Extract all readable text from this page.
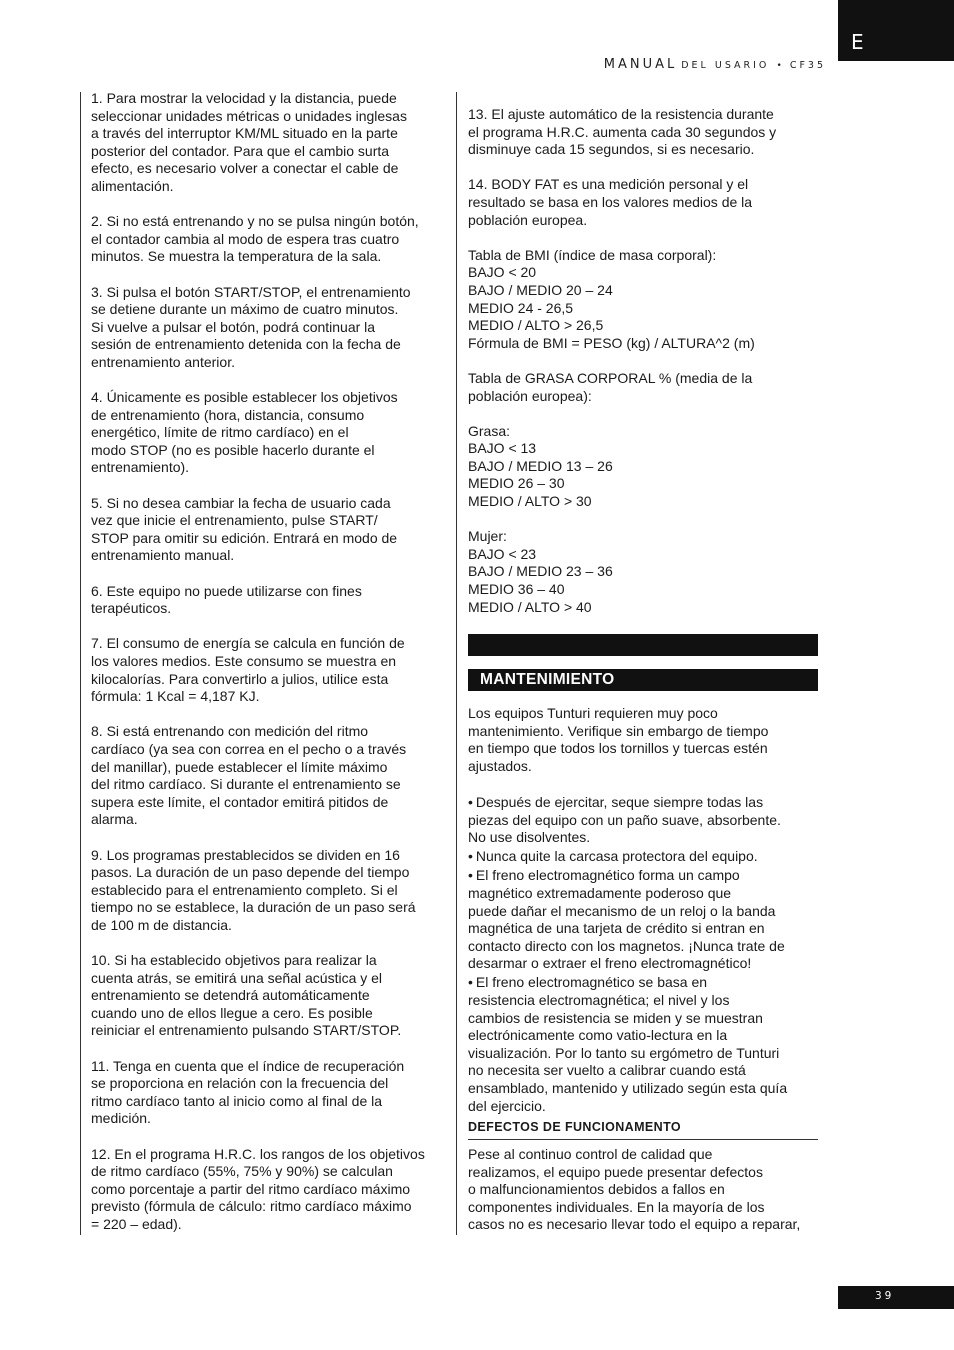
E
MANUAL DEL USARIO • CF35

1. Para mostrar la velocidad y la distancia, puede
seleccionar unidades métricas o unidades inglesas
a través del interruptor KM/ML situado en la parte
posterior del contador. Para que el cambio surta
efecto, es necesario volver a conectar el cable de
alimentación.

2. Si no está entrenando y no se pulsa ningún botón,
el contador cambia al modo de espera tras cuatro
minutos. Se muestra la temperatura de la sala.

3. Si pulsa el botón START/STOP, el entrenamiento
se detiene durante un máximo de cuatro minutos.
Si vuelve a pulsar el botón, podrá continuar la
sesión de entrenamiento detenida con la fecha de
entrenamiento anterior.

4. Únicamente es posible establecer los objetivos
de entrenamiento (hora, distancia, consumo
energético, límite de ritmo cardíaco) en el
modo STOP (no es posible hacerlo durante el
entrenamiento).

5. Si no desea cambiar la fecha de usuario cada
vez que inicie el entrenamiento, pulse START/
STOP para omitir su edición. Entrará en modo de
entrenamiento manual.

6. Este equipo no puede utilizarse con fines
terapéuticos.

7. El consumo de energía se calcula en función de
los valores medios. Este consumo se muestra en
kilocalorías. Para convertirlo a julios, utilice esta
fórmula: 1 Kcal = 4,187 KJ.

8. Si está entrenando con medición del ritmo
cardíaco (ya sea con correa en el pecho o a través
del manillar), puede establecer el límite máximo
del ritmo cardíaco. Si durante el entrenamiento se
supera este límite, el contador emitirá pitidos de
alarma.

9. Los programas prestablecidos se dividen en 16
pasos. La duración de un paso depende del tiempo
establecido para el entrenamiento completo. Si el
tiempo no se establece, la duración de un paso será
de 100 m de distancia.

10. Si ha establecido objetivos para realizar la
cuenta atrás, se emitirá una señal acústica y el
entrenamiento se detendrá automáticamente
cuando uno de ellos llegue a cero. Es posible
reiniciar el entrenamiento pulsando START/STOP.

11. Tenga en cuenta que el índice de recuperación
se proporciona en relación con la frecuencia del
ritmo cardíaco tanto al inicio como al final de la
medición.

12. En el programa H.R.C. los rangos de los objetivos
de ritmo cardíaco (55%, 75% y 90%) se calculan
como porcentaje a partir del ritmo cardíaco máximo
previsto (fórmula de cálculo: ritmo cardíaco máximo
= 220 – edad).

13. El ajuste automático de la resistencia durante
el programa H.R.C. aumenta cada 30 segundos y
disminuye cada 15 segundos, si es necesario.

14. BODY FAT es una medición personal y el
resultado se basa en los valores medios de la
población europea.

Tabla de BMI (índice de masa corporal):
BAJO < 20
BAJO / MEDIO 20 – 24
MEDIO 24 - 26,5
MEDIO / ALTO > 26,5
Fórmula de BMI = PESO (kg) / ALTURA^2 (m)

Tabla de GRASA CORPORAL % (media de la
población europea):

Grasa:
BAJO < 13
BAJO / MEDIO 13 – 26
MEDIO 26 – 30
MEDIO / ALTO > 30

Mujer:
BAJO < 23
BAJO / MEDIO 23 – 36
MEDIO 36 – 40
MEDIO / ALTO > 40

MANTENIMIENTO

Los equipos Tunturi requieren muy poco
mantenimiento. Verifique sin embargo de tiempo
en tiempo que todos los tornillos y tuercas estén
ajustados.

• Después de ejercitar, seque siempre todas las
piezas del equipo con un paño suave, absorbente.
No use disolventes.

• Nunca quite la carcasa protectora del equipo.

• El freno electromagnético forma un campo
magnético extremadamente poderoso que
puede dañar el mecanismo de un reloj o la banda
magnética de una tarjeta de crédito si entran en
contacto directo con los magnetos. ¡Nunca trate de
desarmar o extraer el freno electromagnético!

• El freno electromagnético se basa en
resistencia electromagnética; el nivel y los
cambios de resistencia se miden y se muestran
electrónicamente como vatio-lectura en la
visualización. Por lo tanto su ergómetro de Tunturi
no necesita ser vuelto a calibrar cuando está
ensamblado, mantenido y utilizado según esta quía
del ejercicio.

DEFECTOS DE FUNCIONAMENTO

Pese al continuo control de calidad que
realizamos, el equipo puede presentar defectos
o malfuncionamientos debidos a fallos en
componentes individuales. En la mayoría de los
casos no es necesario llevar todo el equipo a reparar,

39
